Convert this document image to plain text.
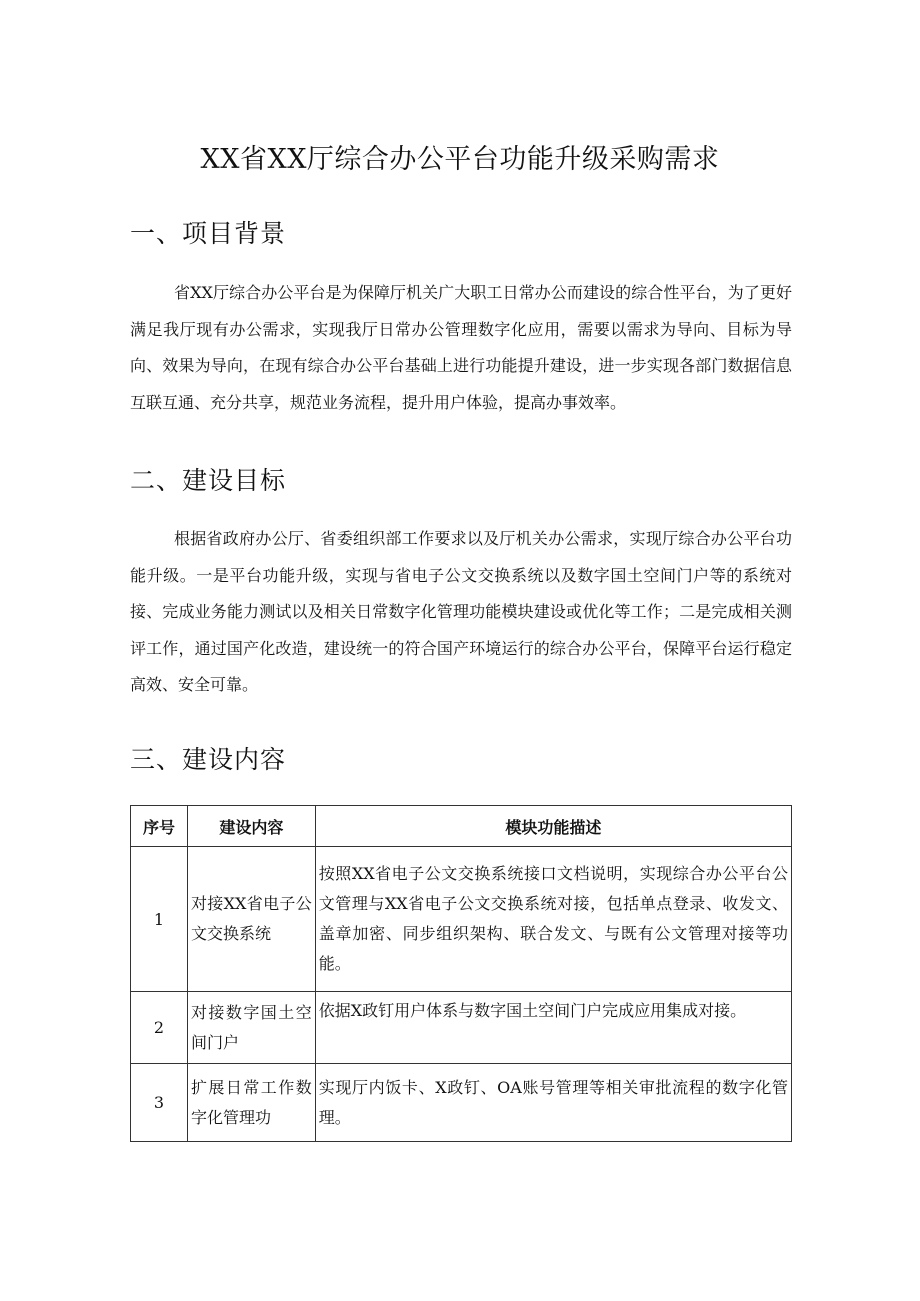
XX省XX厅综合办公平台功能升级采购需求
一、项目背景

省XX厅综合办公平台是为保障厅机关广大职工日常办公而建设的综合性平台，为了更好满足我厅现有办公需求，实现我厅日常办公管理数字化应用，需要以需求为导向、目标为导向、效果为导向，在现有综合办公平台基础上进行功能提升建设，进一步实现各部门数据信息互联互通、充分共享，规范业务流程，提升用户体验，提高办事效率。

二、建设目标

根据省政府办公厅、省委组织部工作要求以及厅机关办公需求，实现厅综合办公平台功能升级。一是平台功能升级，实现与省电子公文交换系统以及数字国土空间门户等的系统对接、完成业务能力测试以及相关日常数字化管理功能模块建设或优化等工作；二是完成相关测评工作，通过国产化改造，建设统一的符合国产环境运行的综合办公平台，保障平台运行稳定高效、安全可靠。

三、建设内容
序号	建设内容	模块功能描述
1	对接XX省电子公文交换系统	按照XX省电子公文交换系统接口文档说明，实现综合办公平台公文管理与XX省电子公文交换系统对接，包括单点登录、收发文、盖章加密、同步组织架构、联合发文、与既有公文管理对接等功能。
2	对接数字国土空间门户	依据X政钉用户体系与数字国土空间门户完成应用集成对接。
3	扩展日常工作数字化管理功	实现厅内饭卡、X政钉、OA账号管理等相关审批流程的数字化管理。
